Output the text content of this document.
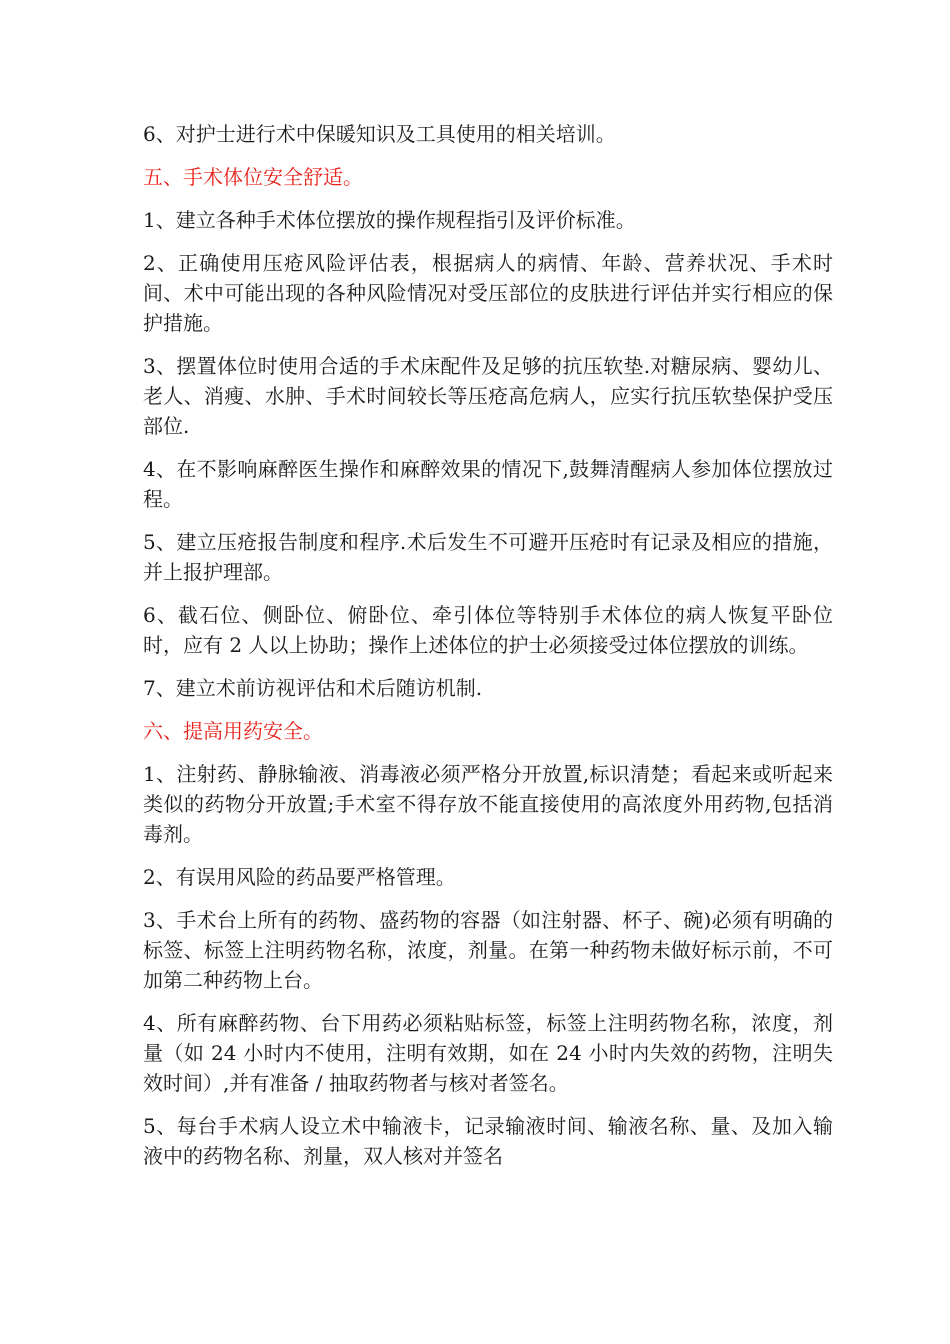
6、对护士进行术中保暖知识及工具使用的相关培训。

五、手术体位安全舒适。

1、建立各种手术体位摆放的操作规程指引及评价标准。

2、正确使用压疮风险评估表，根据病人的病情、年龄、营养状况、手术时间、术中可能出现的各种风险情况对受压部位的皮肤进行评估并实行相应的保护措施。

3、摆置体位时使用合适的手术床配件及足够的抗压软垫.对糖尿病、婴幼儿、老人、消瘦、水肿、手术时间较长等压疮高危病人，应实行抗压软垫保护受压部位.

4、在不影响麻醉医生操作和麻醉效果的情况下,鼓舞清醒病人参加体位摆放过程。

5、建立压疮报告制度和程序.术后发生不可避开压疮时有记录及相应的措施，并上报护理部。

6、截石位、侧卧位、俯卧位、牵引体位等特别手术体位的病人恢复平卧位时，应有 2 人以上协助；操作上述体位的护士必须接受过体位摆放的训练。

7、建立术前访视评估和术后随访机制.

六、提高用药安全。

1、注射药、静脉输液、消毒液必须严格分开放置,标识清楚；看起来或听起来类似的药物分开放置;手术室不得存放不能直接使用的高浓度外用药物,包括消毒剂。

2、有误用风险的药品要严格管理。

3、手术台上所有的药物、盛药物的容器（如注射器、杯子、碗)必须有明确的标签、标签上注明药物名称，浓度，剂量。在第一种药物未做好标示前，不可加第二种药物上台。

4、所有麻醉药物、台下用药必须粘贴标签，标签上注明药物名称，浓度，剂量（如 24 小时内不使用，注明有效期，如在 24 小时内失效的药物，注明失效时间）,并有准备 / 抽取药物者与核对者签名。

5、每台手术病人设立术中输液卡，记录输液时间、输液名称、量、及加入输液中的药物名称、剂量，双人核对并签名
